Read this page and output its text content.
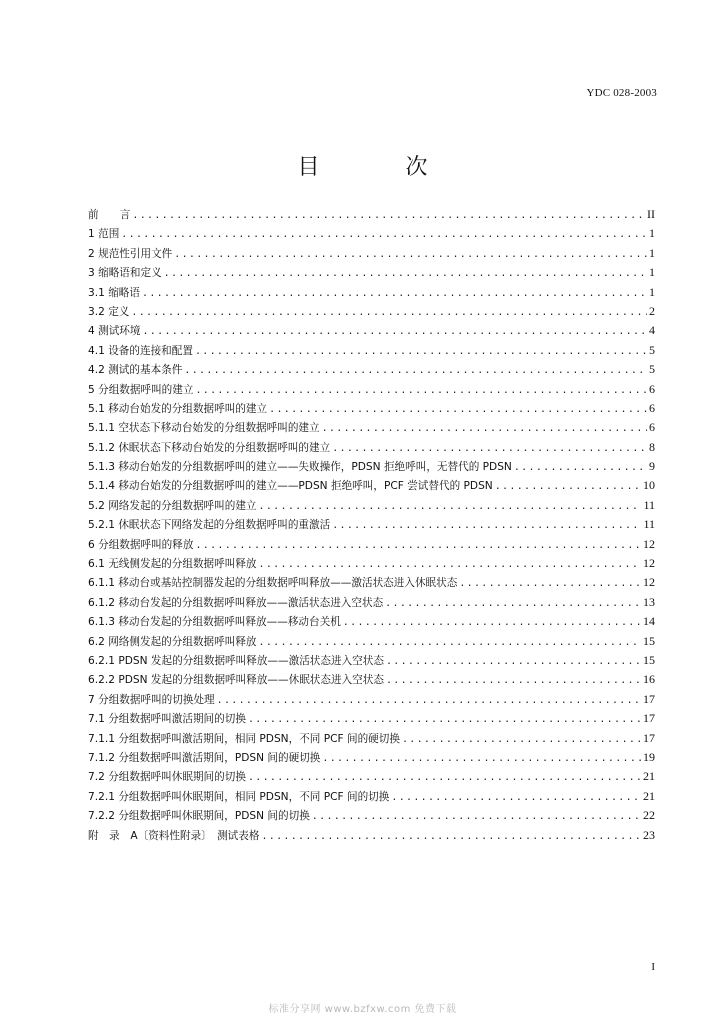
YDC 028-2003
目　次
前　　言 .....	II
1 范围 .....	1
2 规范性引用文件 .....	1
3 缩略语和定义 .....	1
3.1 缩略语 .....	1
3.2 定义 .....	2
4 测试环境 .....	4
4.1 设备的连接和配置 .....	5
4.2 测试的基本条件 .....	5
5 分组数据呼叫的建立 .....	6
5.1 移动台始发的分组数据呼叫的建立 .....	6
5.1.1 空状态下移动台始发的分组数据呼叫的建立 .....	6
5.1.2 休眠状态下移动台始发的分组数据呼叫的建立 .....	8
5.1.3 移动台始发的分组数据呼叫的建立——失败操作，PDSN 拒绝呼叫，无替代的 PDSN .....	9
5.1.4 移动台始发的分组数据呼叫的建立——PDSN 拒绝呼叫，PCF 尝试替代的 PDSN .....	10
5.2 网络发起的分组数据呼叫的建立 .....	11
5.2.1 休眠状态下网络发起的分组数据呼叫的重激活 .....	11
6 分组数据呼叫的释放 .....	12
6.1 无线侧发起的分组数据呼叫释放 .....	12
6.1.1 移动台或基站控制器发起的分组数据呼叫释放——激活状态进入休眠状态 .....	12
6.1.2 移动台发起的分组数据呼叫释放——激活状态进入空状态 .....	13
6.1.3 移动台发起的分组数据呼叫释放——移动台关机 .....	14
6.2 网络侧发起的分组数据呼叫释放 .....	15
6.2.1 PDSN 发起的分组数据呼叫释放——激活状态进入空状态 .....	15
6.2.2 PDSN 发起的分组数据呼叫释放——休眠状态进入空状态 .....	16
7 分组数据呼叫的切换处理 .....	17
7.1 分组数据呼叫激活期间的切换 .....	17
7.1.1 分组数据呼叫激活期间，相同 PDSN，不同 PCF 间的硬切换 .....	17
7.1.2 分组数据呼叫激活期间，PDSN 间的硬切换 .....	19
7.2 分组数据呼叫休眠期间的切换 .....	21
7.2.1 分组数据呼叫休眠期间，相同 PDSN，不同 PCF 间的切换 .....	21
7.2.2 分组数据呼叫休眠期间，PDSN 间的切换 .....	22
附　录　A〔资料性附录〕　测试表格 .....	23
I
标准分享网 www.bzfxw.com 免费下载
